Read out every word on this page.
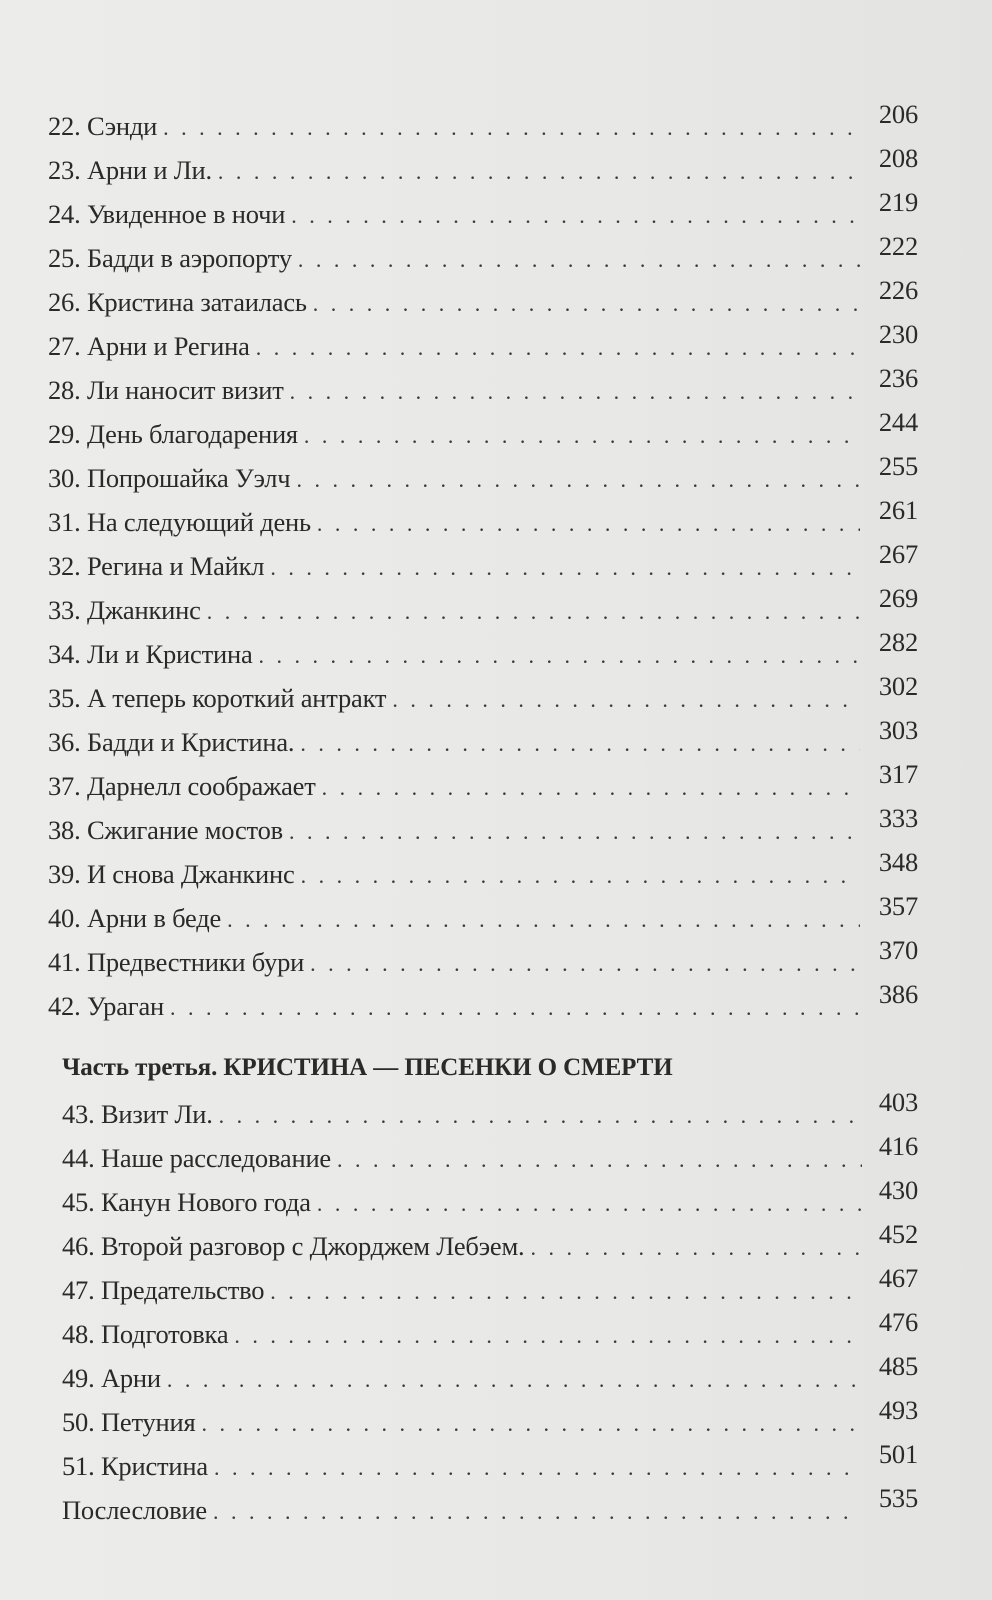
22. Сэнди . . .	206
23. Арни и Ли. . . .	208
24. Увиденное в ночи . . .	219
25. Бадди в аэропорту . . .	222
26. Кристина затаилась . . .	226
27. Арни и Регина . . .	230
28. Ли наносит визит . . .	236
29. День благодарения . . .	244
30. Попрошайка Уэлч . . .	255
31. На следующий день . . .	261
32. Регина и Майкл . . .	267
33. Джанкинс . . .	269
34. Ли и Кристина . . .	282
35. А теперь короткий антракт . . .	302
36. Бадди и Кристина. . . .	303
37. Дарнелл соображает . . .	317
38. Сжигание мостов . . .	333
39. И снова Джанкинс . . .	348
40. Арни в беде . . .	357
41. Предвестники бури . . .	370
42. Ураган . . .	386
Часть третья. КРИСТИНА — ПЕСЕНКИ О СМЕРТИ
43. Визит Ли. . . .	403
44. Наше расследование . . .	416
45. Канун Нового года . . .	430
46. Второй разговор с Джорджем Лебэем. . . .	452
47. Предательство . . .	467
48. Подготовка . . .	476
49. Арни . . .	485
50. Петуния . . .	493
51. Кристина . . .	501
Послесловие . . .	535
